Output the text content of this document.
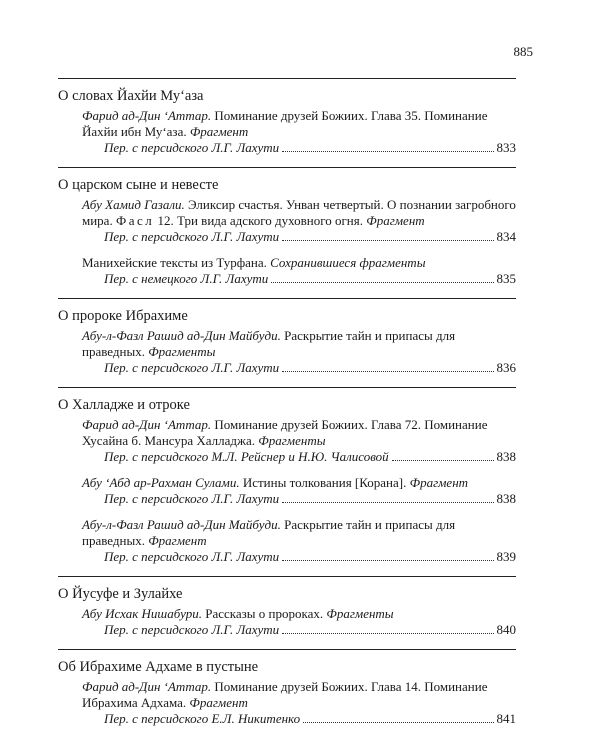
885
О словах Йахйи Му‘аза
Фарид ад-Дин ‘Аттар. Поминание друзей Божиих. Глава 35. Поминание Йахйи ибн Му‘аза. Фрагмент
Пер. с персидского Л.Г. Лахути	833
О царском сыне и невесте
Абу Хамид Газали. Эликсир счастья. Унван четвертый. О познании загробного мира. Фасл 12. Три вида адского духовного огня. Фрагмент
Пер. с персидского Л.Г. Лахути	834
Манихейские тексты из Турфана. Сохранившиеся фрагменты
Пер. с немецкого Л.Г. Лахути	835
О пророке Ибрахиме
Абу-л-Фазл Рашид ад-Дин Майбуди. Раскрытие тайн и припасы для праведных. Фрагменты
Пер. с персидского Л.Г. Лахути	836
О Халладже и отроке
Фарид ад-Дин ‘Аттар. Поминание друзей Божиих. Глава 72. Поминание Хусайна б. Мансура Халладжа. Фрагменты
Пер. с персидского М.Л. Рейснер и Н.Ю. Чалисовой	838
Абу ‘Абд ар-Рахман Сулами. Истины толкования [Корана]. Фрагмент
Пер. с персидского Л.Г. Лахути	838
Абу-л-Фазл Рашид ад-Дин Майбуди. Раскрытие тайн и припасы для праведных. Фрагмент
Пер. с персидского Л.Г. Лахути	839
О Йусуфе и Зулайхе
Абу Исхак Нишабури. Рассказы о пророках. Фрагменты
Пер. с персидского Л.Г. Лахути	840
Об Ибрахиме Адхаме в пустыне
Фарид ад-Дин ‘Аттар. Поминание друзей Божиих. Глава 14. Поминание Ибрахима Адхама. Фрагмент
Пер. с персидского Е.Л. Никитенко	841
